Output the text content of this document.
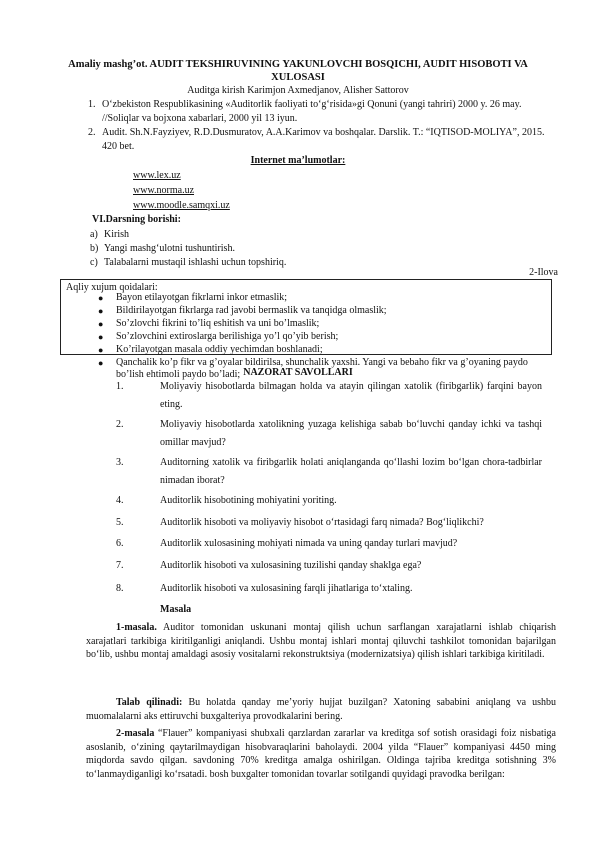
Amaliy mashg’ot. AUDIT TEKSHIRUVINING YAKUNLOVCHI BOSQICHI, AUDIT HISOBOTI VA XULOSASI
Auditga kirish Karimjon Axmedjanov, Alisher Sattorov
1. O‘zbekiston Respublikasining «Auditorlik faoliyati to‘g‘risida»gi Qonuni (yangi tahriri) 2000 y. 26 may. //Soliqlar va bojxona xabarlari, 2000 yil 13 iyun.
2. Audit. Sh.N.Fayziyev, R.D.Dusmuratov, A.A.Karimov va boshqalar. Darslik. T.: “IQTISOD-MOLIYA”, 2015. 420 bet.
Internet ma’lumotlar:
www.lex.uz
www.norma.uz
www.moodle.samqxi.uz
VI.Darsning borishi:
a) Kirish
b) Yangi mashg‘ulotni tushuntirish.
c) Talabalarni mustaqil ishlashi uchun topshiriq.
2-Ilova
Aqliy xujum qoidalari:
● Bayon etilayotgan fikrlarni inkor etmaslik;
● Bildirilayotgan fikrlarga rad javobi bermaslik va tanqidga olmaslik;
● So’zlovchi fikrini to’liq eshitish va uni bo’lmaslik;
● So’zlovchini extiroslarga berilishiga yo’l qo’yib berish;
● Ko’rilayotgan masala oddiy yechimdan boshlanadi;
● Qanchalik ko’p fikr va g’oyalar bildirilsa, shunchalik yaxshi. Yangi va bebaho fikr va g’oyaning paydo bo’lish ehtimoli paydo bo’ladi; NAZORAT SAVOLLARI
1.	Moliyaviy hisobotlarda bilmagan holda va atayin qilingan xatolik (firibgarlik) farqini bayon eting.
2.	Moliyaviy hisobotlarda xatolikning yuzaga kelishiga sabab bo‘luvchi qanday ichki va tashqi omillar mavjud?
3.	Auditorning xatolik va firibgarlik holati aniqlanganda qo‘llashi lozim bo‘lgan chora-tadbirlar nimadan iborat?
4.	Auditorlik hisobotining mohiyatini yoriting.
5.	Auditorlik hisoboti va moliyaviy hisobot o‘rtasidagi farq nimada? Bog‘liqlikchi?
6.	Auditorlik xulosasining mohiyati nimada va uning qanday turlari mavjud?
7.	Auditorlik hisoboti va xulosasining tuzilishi qanday shaklga ega?
8.	Auditorlik hisoboti va xulosasining farqli jihatlariga to‘xtaling.
Masala
1-masala. Auditor tomonidan uskunani montaj qilish uchun sarflangan xarajatlarni ishlab chiqarish xarajatlari tarkibiga kiritilganligi aniqlandi. Ushbu montaj ishlari montaj qiluvchi tashkilot tomonidan bajarilgan bo‘lib, ushbu montaj amaldagi asosiy vositalarni rekonstruktsiya (modernizatsiya) qilish ishlari tarkibiga kiritiladi.
Talab qilinadi: Bu holatda qanday me’yoriy hujjat buzilgan? Xatoning sababini aniqlang va ushbu muomalalarni aks ettiruvchi buxgalteriya provodkalarini bering.
2-masala “Flauer” kompaniyasi shubxali qarzlardan zararlar va kreditga sof sotish orasidagi foiz nisbatiga asoslanib, o‘zining qaytarilmaydigan hisobvaraqlarini baholaydi. 2004 yilda “Flauer” kompaniyasi 4450 ming miqdorda savdo qilgan. savdoning 70% kreditga amalga oshirilgan. Oldinga tajriba kreditga sotishning 3% to‘lanmaydiganligi ko‘rsatadi. bosh buxgalter tomonidan tovarlar sotilgandi quyidagi pravodka berilgan:
